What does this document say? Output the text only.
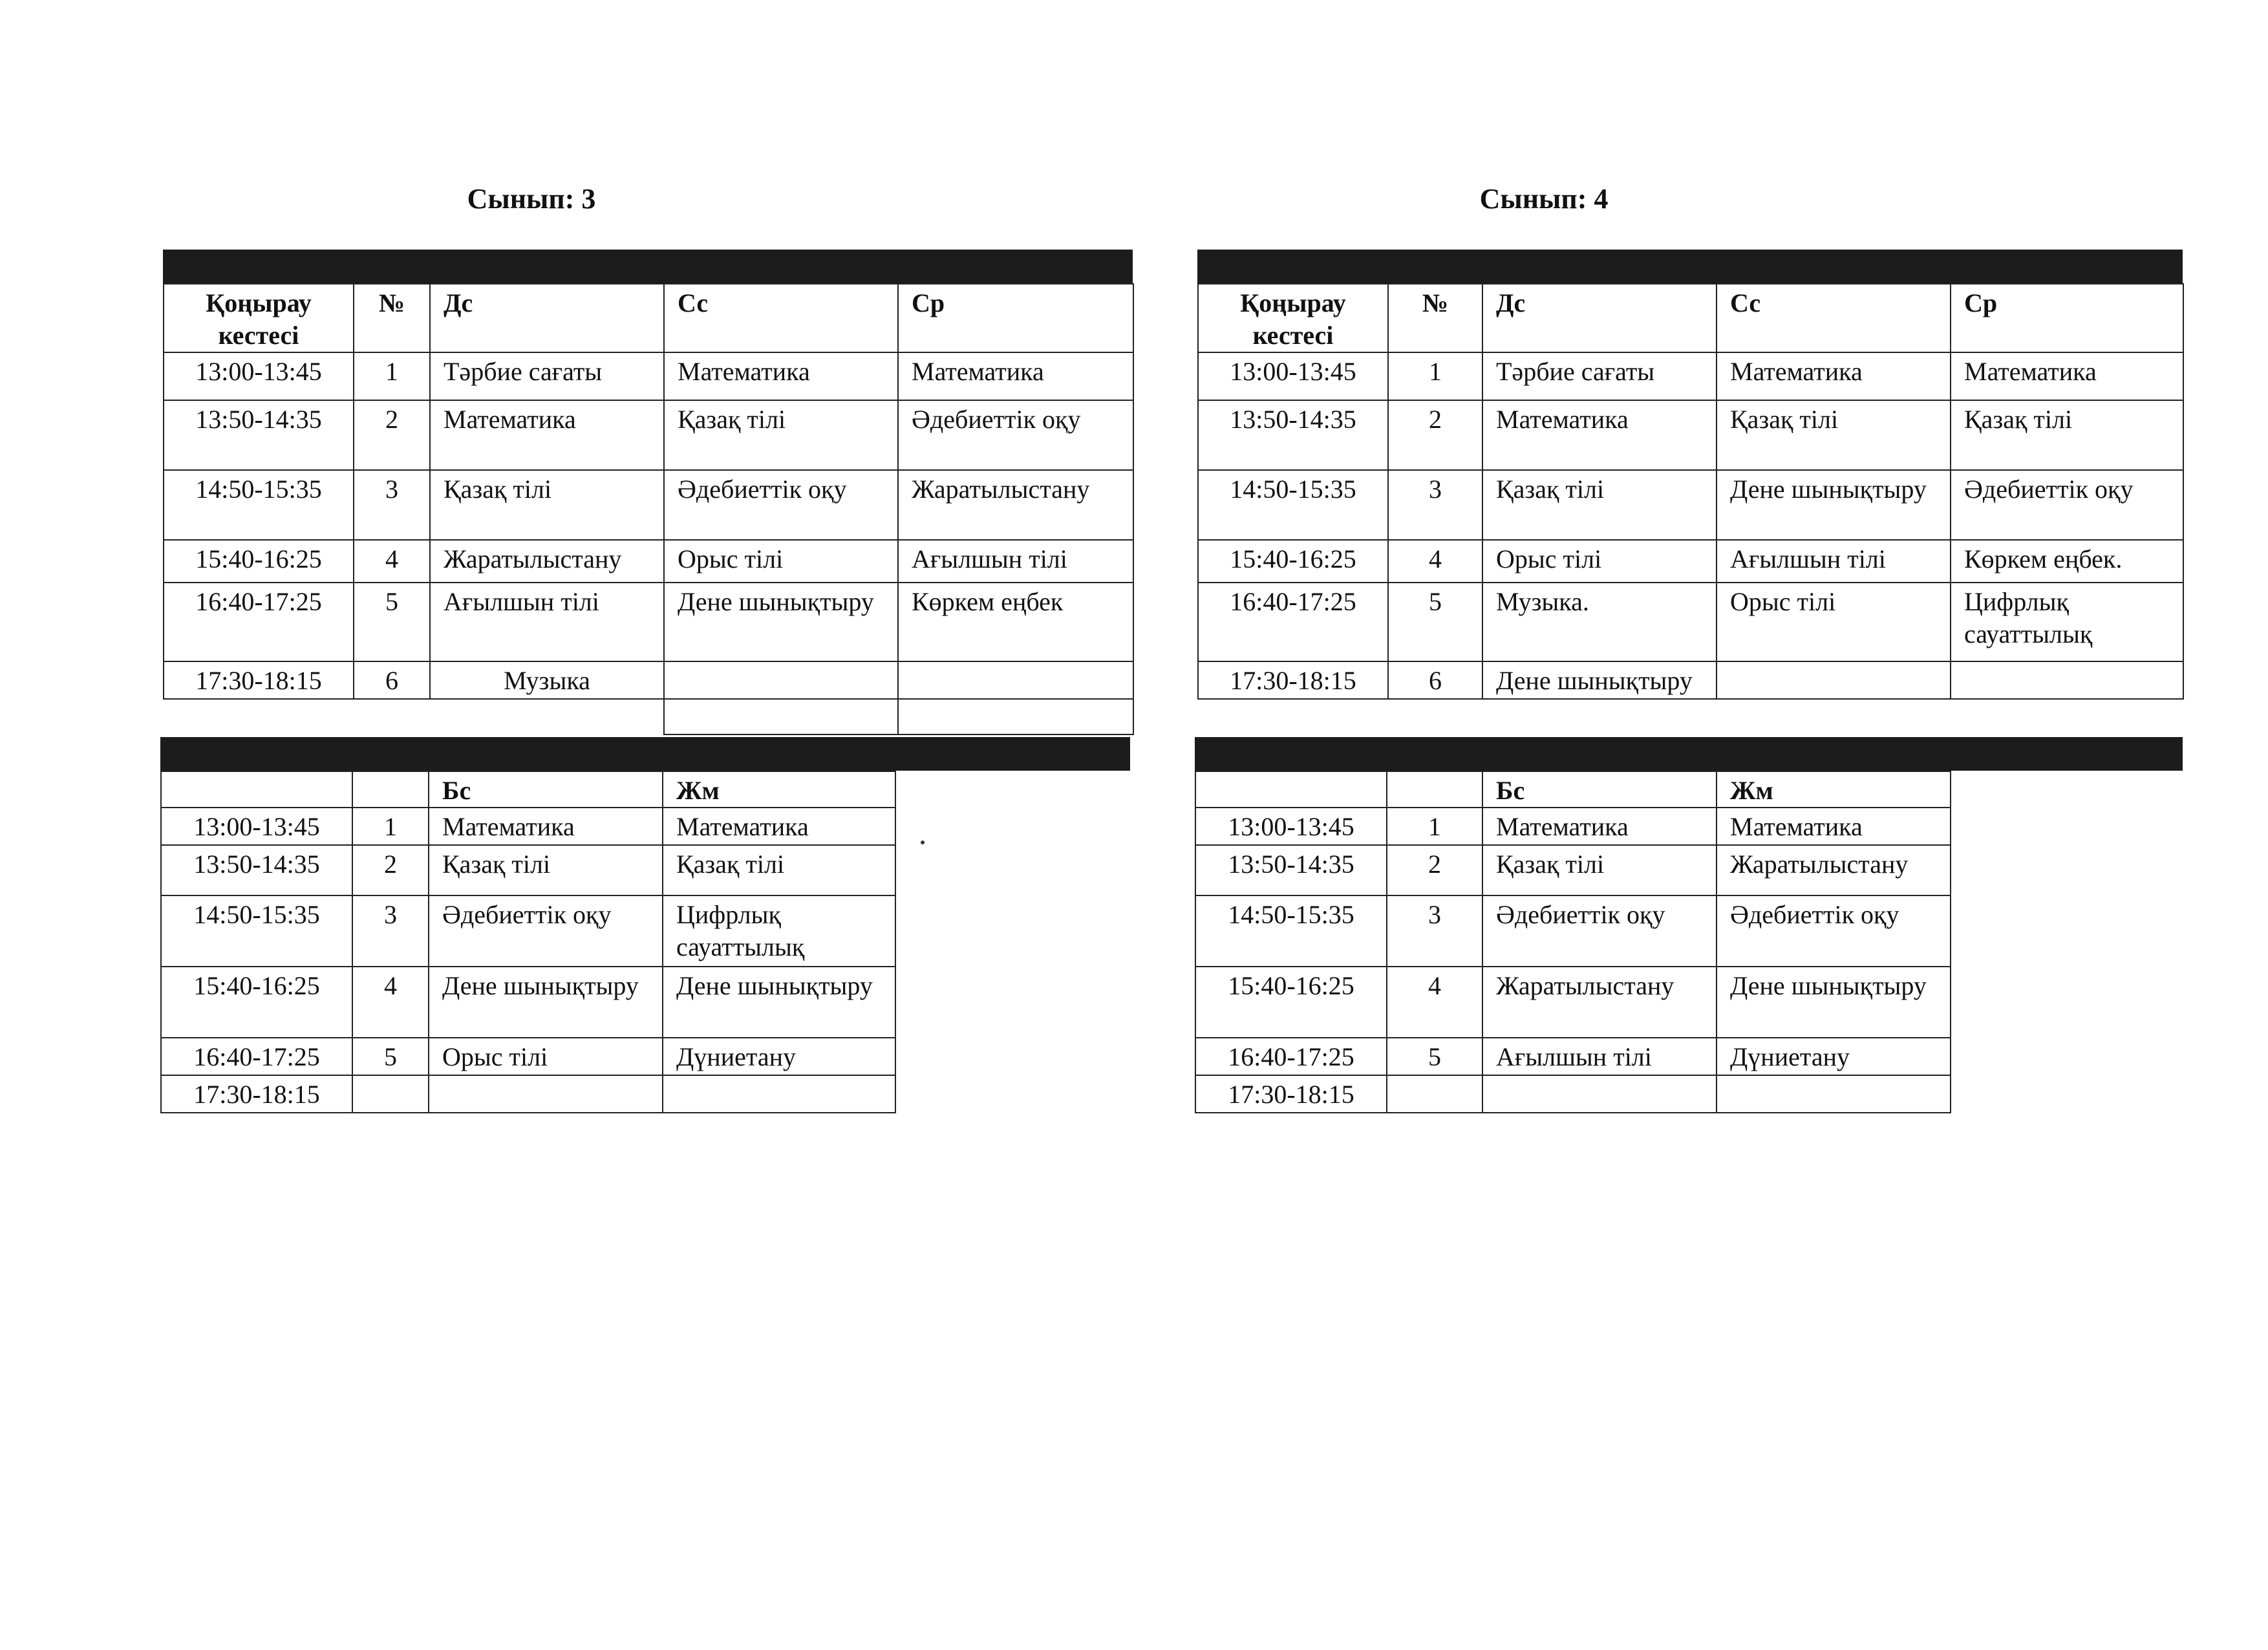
Сынып: 3	Сынып: 4
Қоңырау кестесі	№	Дс	Сс	Ср
13:00-13:45	1	Тәрбие сағаты	Математика	Математика
13:50-14:35	2	Математика	Қазақ тілі	Әдебиеттік оқу
14:50-15:35	3	Қазақ тілі	Әдебиеттік оқу	Жаратылыстану
15:40-16:25	4	Жаратылыстану	Орыс тілі	Ағылшын тілі
16:40-17:25	5	Ағылшын тілі	Дене шынықтыру	Көркем еңбек
17:30-18:15	6	Музыка		

Қоңырау кестесі	№	Дс	Сс	Ср
13:00-13:45	1	Тәрбие сағаты	Математика	Математика
13:50-14:35	2	Математика	Қазақ тілі	Қазақ тілі
14:50-15:35	3	Қазақ тілі	Дене шынықтыру	Әдебиеттік оқу
15:40-16:25	4	Орыс тілі	Ағылшын тілі	Көркем еңбек.
16:40-17:25	5	Музыка.	Орыс тілі	Цифрлық сауаттылық
17:30-18:15	6	Дене шынықтыру		
		Бс	Жм
13:00-13:45	1	Математика	Математика
13:50-14:35	2	Қазақ тілі	Қазақ тілі
14:50-15:35	3	Әдебиеттік оқу	Цифрлық сауаттылық
15:40-16:25	4	Дене шынықтыру	Дене шынықтыру
16:40-17:25	5	Орыс тілі	Дүниетану
17:30-18:15			
		Бс	Жм
13:00-13:45	1	Математика	Математика
13:50-14:35	2	Қазақ тілі	Жаратылыстану
14:50-15:35	3	Әдебиеттік оқу	Әдебиеттік оқу
15:40-16:25	4	Жаратылыстану	Дене шынықтыру
16:40-17:25	5	Ағылшын тілі	Дүниетану
17:30-18:15			
